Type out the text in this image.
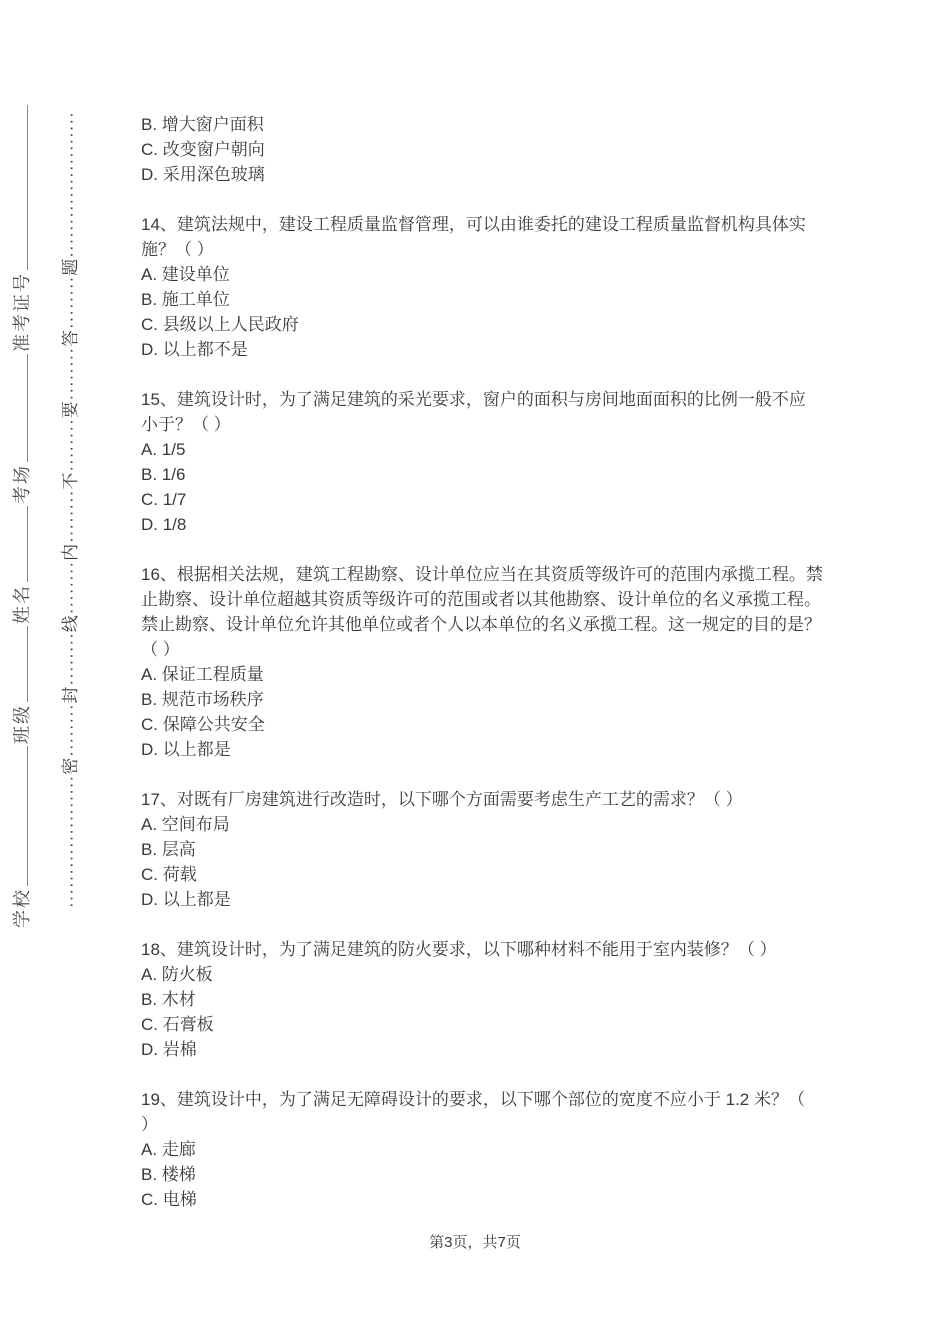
学校班级姓名考场准考证号	····················密········封········线········内········不········要········答········题······················	B. 增大窗户面积
C. 改变窗户朝向
D. 采用深色玻璃
14、建筑法规中，建设工程质量监督管理，可以由谁委托的建设工程质量监督机构具体实
施？（ ）
A. 建设单位
B. 施工单位
C. 县级以上人民政府
D. 以上都不是
15、建筑设计时，为了满足建筑的采光要求，窗户的面积与房间地面面积的比例一般不应
小于？（ ）
A. 1/5
B. 1/6
C. 1/7
D. 1/8
16、根据相关法规，建筑工程勘察、设计单位应当在其资质等级许可的范围内承揽工程。禁
止勘察、设计单位超越其资质等级许可的范围或者以其他勘察、设计单位的名义承揽工程。
禁止勘察、设计单位允许其他单位或者个人以本单位的名义承揽工程。这一规定的目的是？
（ ）
A. 保证工程质量
B. 规范市场秩序
C. 保障公共安全
D. 以上都是
17、对既有厂房建筑进行改造时，以下哪个方面需要考虑生产工艺的需求？（ ）
A. 空间布局
B. 层高
C. 荷载
D. 以上都是
18、建筑设计时，为了满足建筑的防火要求，以下哪种材料不能用于室内装修？（ ）
A. 防火板
B. 木材
C. 石膏板
D. 岩棉
19、建筑设计中，为了满足无障碍设计的要求，以下哪个部位的宽度不应小于 1.2 米？（
）
A. 走廊
B. 楼梯
C. 电梯
第3页，共7页
